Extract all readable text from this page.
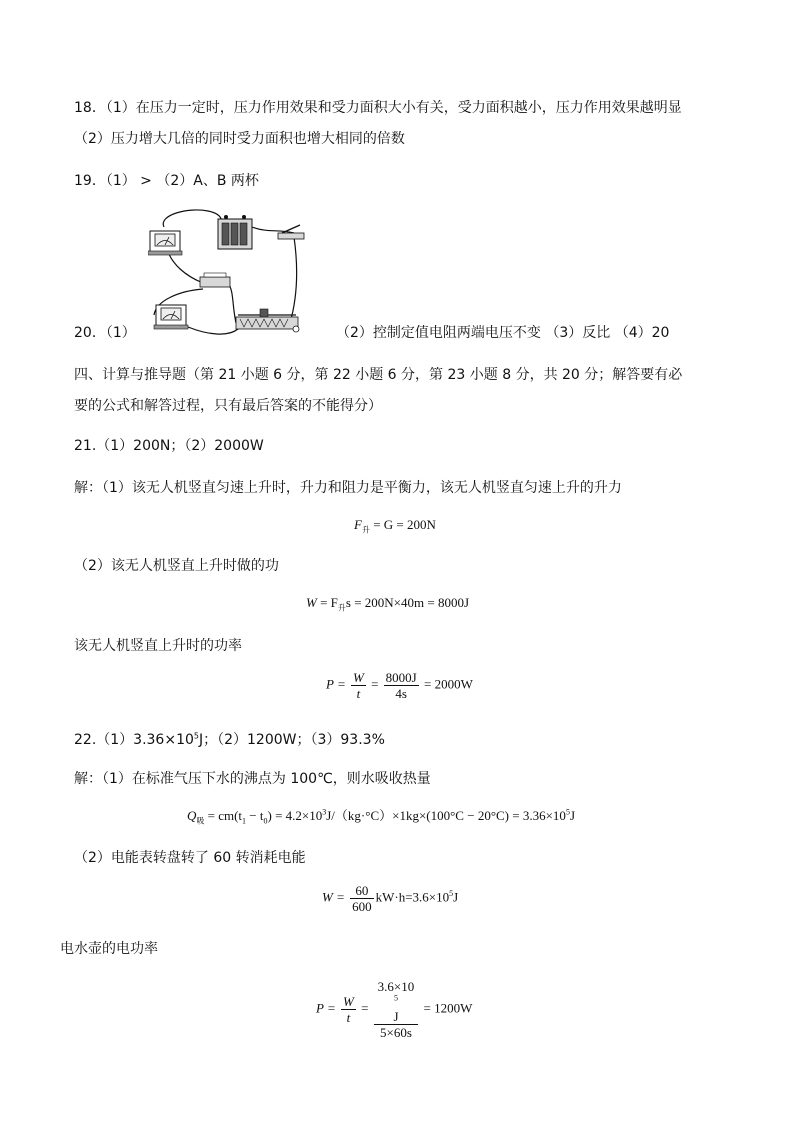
18．（1）在压力一定时，压力作用效果和受力面积大小有关，受力面积越小，压力作用效果越明显
（2）压力增大几倍的同时受力面积也增大相同的倍数
19．（1） > （2）A、B 两杯
20．（1）	（2）控制定值电阻两端电压不变 （3）反比 （4）20
四、计算与推导题（第 21 小题 6 分，第 22 小题 6 分，第 23 小题 8 分，共 20 分；解答要有必
要的公式和解答过程，只有最后答案的不能得分）
21.（1）200N；（2）2000W
解：（1）该无人机竖直匀速上升时，升力和阻力是平衡力，该无人机竖直匀速上升的升力
$F_升 = G = 200N$
（2）该无人机竖直上升时做的功
$W = F_升s = 200N\times 40m = 8000J$
该无人机竖直上升时的功率
$P = \frac{W}{t} = \frac{8000J}{4s} = 2000W$
$22.(1)3.36\times 10^5J$；（2）1200W；（3）93.3%
解：（1）在标准气压下水的沸点为 100℃，则水吸收热量
$Q_吸 = cm(t_1 - t_0) = 4.2\times 10^3J/(kg\cdot^\circ C)\times 1kg\times(100^\circ C - 20^\circ C) = 3.36\times 10^5J$
（2）电能表转盘转了 60 转消耗电能
$W = \frac{60}{600} kW\cdot h=3.6\times 10^5J$
电水壶的电功率
$P = \frac{W}{t} = 3.6\times 10$
$^5$
J
5×60s = 1200W
